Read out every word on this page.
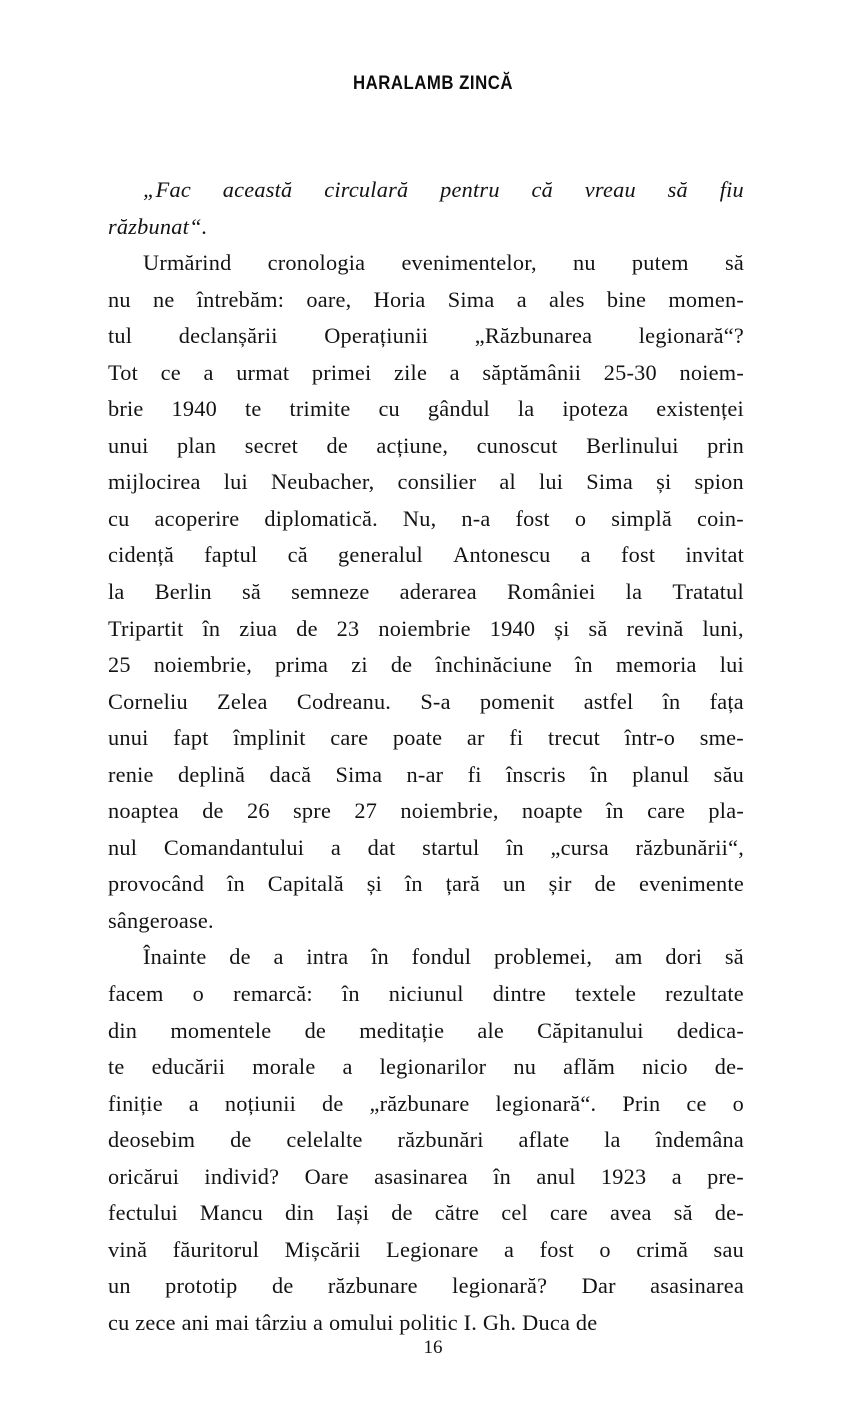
HARALAMB ZINCĂ

„Fac această circulară pentru că vreau să fiu
răzbunat“.

Urmărind cronologia evenimentelor, nu putem să
nu ne întrebăm: oare, Horia Sima a ales bine momen-
tul declanșării Operațiunii „Răzbunarea legionară“?
Tot ce a urmat primei zile a săptămânii 25-30 noiem-
brie 1940 te trimite cu gândul la ipoteza existenței
unui plan secret de acțiune, cunoscut Berlinului prin
mijlocirea lui Neubacher, consilier al lui Sima și spion
cu acoperire diplomatică. Nu, n-a fost o simplă coin-
cidență faptul că generalul Antonescu a fost invitat
la Berlin să semneze aderarea României la Tratatul
Tripartit în ziua de 23 noiembrie 1940 și să revină luni,
25 noiembrie, prima zi de închinăciune în memoria lui
Corneliu Zelea Codreanu. S-a pomenit astfel în fața
unui fapt împlinit care poate ar fi trecut într-o sme-
renie deplină dacă Sima n-ar fi înscris în planul său
noaptea de 26 spre 27 noiembrie, noapte în care pla-
nul Comandantului a dat startul în „cursa răzbunării“,
provocând în Capitală și în țară un șir de evenimente
sângeroase.

Înainte de a intra în fondul problemei, am dori să
facem o remarcă: în niciunul dintre textele rezultate
din momentele de meditație ale Căpitanului dedica-
te educării morale a legionarilor nu aflăm nicio de-
finiție a noțiunii de „răzbunare legionară“. Prin ce o
deosebim de celelalte răzbunări aflate la îndemâna
oricărui individ? Oare asasinarea în anul 1923 a pre-
fectului Mancu din Iași de către cel care avea să de-
vină făuritorul Mișcării Legionare a fost o crimă sau
un prototip de răzbunare legionară? Dar asasinarea
cu zece ani mai târziu a omului politic I. Gh. Duca de

16
